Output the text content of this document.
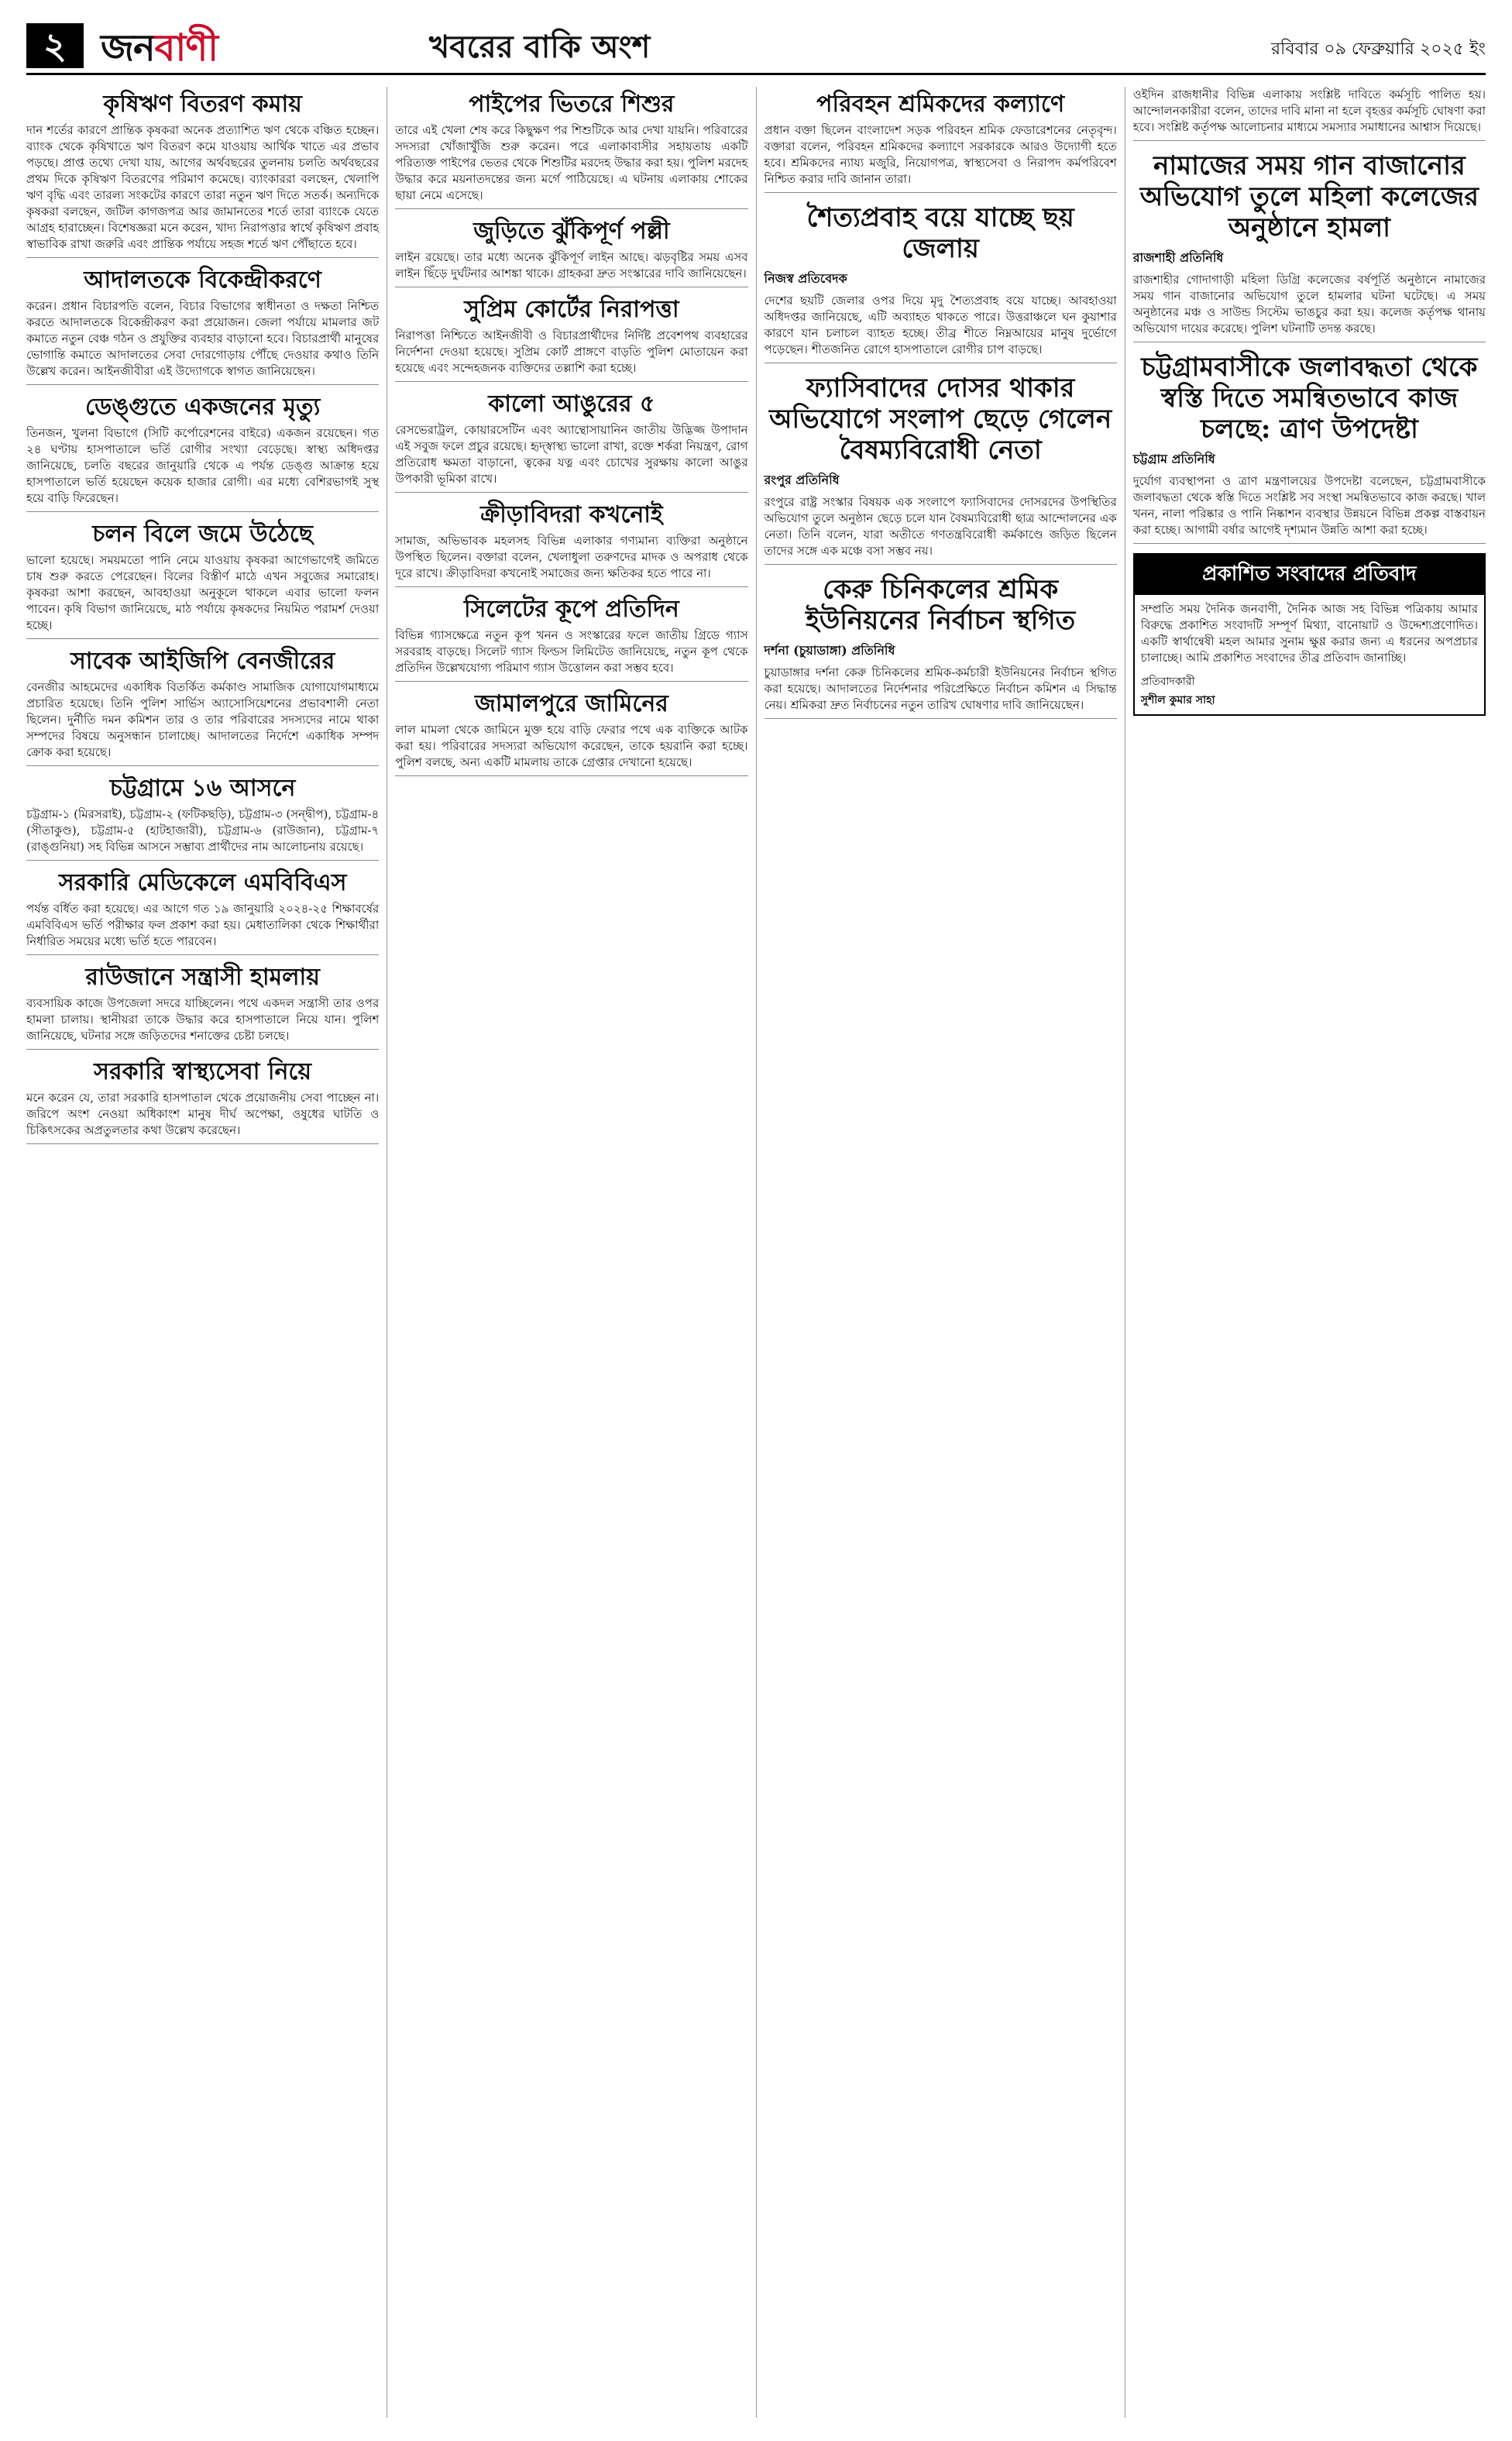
২ জনবাণী	খবরের বাকি অংশ	রবিবার ০৯ ফেব্রুয়ারি ২০২৫ ইং
কৃষিঋণ বিতরণ কমায়
দান শর্তের কারণে প্রান্তিক কৃষকরা অনেক প্রত্যাশিত ঋণ থেকে বঞ্চিত হচ্ছেন। ব্যাংক থেকে কৃষিখাতে ঋণ বিতরণ কমে যাওয়ায় আর্থিক খাতে এর প্রভাব পড়ছে। প্রাপ্ত তথ্যে দেখা যায়, আগের অর্থবছরের তুলনায় চলতি অর্থবছরের প্রথম দিকে কৃষিঋণ বিতরণের পরিমাণ কমেছে। ব্যাংকাররা বলছেন, খেলাপি ঋণ বৃদ্ধি এবং তারল্য সংকটের কারণে তারা নতুন ঋণ দিতে সতর্ক। অন্যদিকে কৃষকরা বলছেন, জটিল কাগজপত্র আর জামানতের শর্তে তারা ব্যাংকে যেতে আগ্রহ হারাচ্ছেন। বিশেষজ্ঞরা মনে করেন, খাদ্য নিরাপত্তার স্বার্থে কৃষিঋণ প্রবাহ স্বাভাবিক রাখা জরুরি এবং প্রান্তিক পর্যায়ে সহজ শর্তে ঋণ পৌঁছাতে হবে।
আদালতকে বিকেন্দ্রীকরণে
করেন। প্রধান বিচারপতি বলেন, বিচার বিভাগের স্বাধীনতা ও দক্ষতা নিশ্চিত করতে আদালতকে বিকেন্দ্রীকরণ করা প্রয়োজন। জেলা পর্যায়ে মামলার জট কমাতে নতুন বেঞ্চ গঠন ও প্রযুক্তির ব্যবহার বাড়ানো হবে। বিচারপ্রার্থী মানুষের ভোগান্তি কমাতে আদালতের সেবা দোরগোড়ায় পৌঁছে দেওয়ার কথাও তিনি উল্লেখ করেন। আইনজীবীরা এই উদ্যোগকে স্বাগত জানিয়েছেন।
ডেঙ্গুতে একজনের মৃত্যু
তিনজন, খুলনা বিভাগে (সিটি কর্পোরেশনের বাইরে) একজন রয়েছেন। গত ২৪ ঘণ্টায় হাসপাতালে ভর্তি রোগীর সংখ্যা বেড়েছে। স্বাস্থ্য অধিদপ্তর জানিয়েছে, চলতি বছরের জানুয়ারি থেকে এ পর্যন্ত ডেঙ্গু আক্রান্ত হয়ে হাসপাতালে ভর্তি হয়েছেন কয়েক হাজার রোগী। এর মধ্যে বেশিরভাগই সুস্থ হয়ে বাড়ি ফিরেছেন।
চলন বিলে জমে উঠেছে
ভালো হয়েছে। সময়মতো পানি নেমে যাওয়ায় কৃষকরা আগেভাগেই জমিতে চাষ শুরু করতে পেরেছেন। বিলের বিস্তীর্ণ মাঠে এখন সবুজের সমারোহ। কৃষকরা আশা করছেন, আবহাওয়া অনুকূলে থাকলে এবার ভালো ফলন পাবেন। কৃষি বিভাগ জানিয়েছে, মাঠ পর্যায়ে কৃষকদের নিয়মিত পরামর্শ দেওয়া হচ্ছে।
সাবেক আইজিপি বেনজীরের
বেনজীর আহমেদের একাধিক বিতর্কিত কর্মকাণ্ড সামাজিক যোগাযোগমাধ্যমে প্রচারিত হয়েছে। তিনি পুলিশ সার্ভিস অ্যাসোসিয়েশনের প্রভাবশালী নেতা ছিলেন। দুর্নীতি দমন কমিশন তার ও তার পরিবারের সদস্যদের নামে থাকা সম্পদের বিষয়ে অনুসন্ধান চালাচ্ছে। আদালতের নির্দেশে একাধিক সম্পদ ক্রোক করা হয়েছে।
চট্টগ্রামে ১৬ আসনে
চট্টগ্রাম-১ (মিরসরাই), চট্টগ্রাম-২ (ফটিকছড়ি), চট্টগ্রাম-৩ (সন্দ্বীপ), চট্টগ্রাম-৪ (সীতাকুণ্ড), চট্টগ্রাম-৫ (হাটহাজারী), চট্টগ্রাম-৬ (রাউজান), চট্টগ্রাম-৭ (রাঙ্গুনিয়া) সহ বিভিন্ন আসনে সম্ভাব্য প্রার্থীদের নাম আলোচনায় রয়েছে।
সরকারি মেডিকেলে এমবিবিএস
পর্যন্ত বর্ধিত করা হয়েছে। এর আগে গত ১৯ জানুয়ারি ২০২৪-২৫ শিক্ষাবর্ষের এমবিবিএস ভর্তি পরীক্ষার ফল প্রকাশ করা হয়। মেধাতালিকা থেকে শিক্ষার্থীরা নির্ধারিত সময়ের মধ্যে ভর্তি হতে পারবেন।
রাউজানে সন্ত্রাসী হামলায়
ব্যবসায়িক কাজে উপজেলা সদরে যাচ্ছিলেন। পথে একদল সন্ত্রাসী তার ওপর হামলা চালায়। স্থানীয়রা তাকে উদ্ধার করে হাসপাতালে নিয়ে যান। পুলিশ জানিয়েছে, ঘটনার সঙ্গে জড়িতদের শনাক্তের চেষ্টা চলছে।
সরকারি স্বাস্থ্যসেবা নিয়ে
মনে করেন যে, তারা সরকারি হাসপাতাল থেকে প্রয়োজনীয় সেবা পাচ্ছেন না। জরিপে অংশ নেওয়া অধিকাংশ মানুষ দীর্ঘ অপেক্ষা, ওষুধের ঘাটতি ও চিকিৎসকের অপ্রতুলতার কথা উল্লেখ করেছেন।
পাইপের ভিতরে শিশুর
তারে এই খেলা শেষ করে কিছুক্ষণ পর শিশুটিকে আর দেখা যায়নি। পরিবারের সদস্যরা খোঁজাখুঁজি শুরু করেন। পরে এলাকাবাসীর সহায়তায় একটি পরিত্যক্ত পাইপের ভেতর থেকে শিশুটির মরদেহ উদ্ধার করা হয়। পুলিশ মরদেহ উদ্ধার করে ময়নাতদন্তের জন্য মর্গে পাঠিয়েছে। এ ঘটনায় এলাকায় শোকের ছায়া নেমে এসেছে।
জুড়িতে ঝুঁকিপূর্ণ পল্লী
লাইন রয়েছে। তার মধ্যে অনেক ঝুঁকিপূর্ণ লাইন আছে। ঝড়বৃষ্টির সময় এসব লাইন ছিঁড়ে দুর্ঘটনার আশঙ্কা থাকে। গ্রাহকরা দ্রুত সংস্কারের দাবি জানিয়েছেন।
সুপ্রিম কোর্টের নিরাপত্তা
নিরাপত্তা নিশ্চিতে আইনজীবী ও বিচারপ্রার্থীদের নির্দিষ্ট প্রবেশপথ ব্যবহারের নির্দেশনা দেওয়া হয়েছে। সুপ্রিম কোর্ট প্রাঙ্গণে বাড়তি পুলিশ মোতায়েন করা হয়েছে এবং সন্দেহজনক ব্যক্তিদের তল্লাশি করা হচ্ছে।
কালো আঙুরের ৫
রেসভেরাট্রল, কোয়ারসেটিন এবং অ্যান্থোসায়ানিন জাতীয় উদ্ভিজ্জ উপাদান এই সবুজ ফলে প্রচুর রয়েছে। হৃদ্‌স্বাস্থ্য ভালো রাখা, রক্তে শর্করা নিয়ন্ত্রণ, রোগ প্রতিরোধ ক্ষমতা বাড়ানো, ত্বকের যত্ন এবং চোখের সুরক্ষায় কালো আঙুর উপকারী ভূমিকা রাখে।
ক্রীড়াবিদরা কখনোই
সামাজ, অভিভাবক মহলসহ বিভিন্ন এলাকার গণ্যমান্য ব্যক্তিরা অনুষ্ঠানে উপস্থিত ছিলেন। বক্তারা বলেন, খেলাধুলা তরুণদের মাদক ও অপরাধ থেকে দূরে রাখে। ক্রীড়াবিদরা কখনোই সমাজের জন্য ক্ষতিকর হতে পারে না।
সিলেটের কূপে প্রতিদিন
বিভিন্ন গ্যাসক্ষেত্রে নতুন কূপ খনন ও সংস্কারের ফলে জাতীয় গ্রিডে গ্যাস সরবরাহ বাড়ছে। সিলেট গ্যাস ফিল্ডস লিমিটেড জানিয়েছে, নতুন কূপ থেকে প্রতিদিন উল্লেখযোগ্য পরিমাণ গ্যাস উত্তোলন করা সম্ভব হবে।
জামালপুরে জামিনের
লাল মামলা থেকে জামিনে মুক্ত হয়ে বাড়ি ফেরার পথে এক ব্যক্তিকে আটক করা হয়। পরিবারের সদস্যরা অভিযোগ করেছেন, তাকে হয়রানি করা হচ্ছে। পুলিশ বলছে, অন্য একটি মামলায় তাকে গ্রেপ্তার দেখানো হয়েছে।
পরিবহন শ্রমিকদের কল্যাণে
প্রধান বক্তা ছিলেন বাংলাদেশ সড়ক পরিবহন শ্রমিক ফেডারেশনের নেতৃবৃন্দ। বক্তারা বলেন, পরিবহন শ্রমিকদের কল্যাণে সরকারকে আরও উদ্যোগী হতে হবে। শ্রমিকদের ন্যায্য মজুরি, নিয়োগপত্র, স্বাস্থ্যসেবা ও নিরাপদ কর্মপরিবেশ নিশ্চিত করার দাবি জানান তারা।
শৈত্যপ্রবাহ বয়ে যাচ্ছে ছয় জেলায়
নিজস্ব প্রতিবেদক
দেশের ছয়টি জেলার ওপর দিয়ে মৃদু শৈত্যপ্রবাহ বয়ে যাচ্ছে। আবহাওয়া অধিদপ্তর জানিয়েছে, এটি অব্যাহত থাকতে পারে। উত্তরাঞ্চলে ঘন কুয়াশার কারণে যান চলাচল ব্যাহত হচ্ছে। তীব্র শীতে নিম্নআয়ের মানুষ দুর্ভোগে পড়েছেন। শীতজনিত রোগে হাসপাতালে রোগীর চাপ বাড়ছে।
ফ্যাসিবাদের দোসর থাকার অভিযোগে সংলাপ ছেড়ে গেলেন বৈষম্যবিরোধী নেতা
রংপুর প্রতিনিধি
রংপুরে রাষ্ট্র সংস্কার বিষয়ক এক সংলাপে ফ্যাসিবাদের দোসরদের উপস্থিতির অভিযোগ তুলে অনুষ্ঠান ছেড়ে চলে যান বৈষম্যবিরোধী ছাত্র আন্দোলনের এক নেতা। তিনি বলেন, যারা অতীতে গণতন্ত্রবিরোধী কর্মকাণ্ডে জড়িত ছিলেন তাদের সঙ্গে এক মঞ্চে বসা সম্ভব নয়।
কেরু চিনিকলের শ্রমিক ইউনিয়নের নির্বাচন স্থগিত
দর্শনা (চুয়াডাঙ্গা) প্রতিনিধি
চুয়াডাঙ্গার দর্শনা কেরু চিনিকলের শ্রমিক-কর্মচারী ইউনিয়নের নির্বাচন স্থগিত করা হয়েছে। আদালতের নির্দেশনার পরিপ্রেক্ষিতে নির্বাচন কমিশন এ সিদ্ধান্ত নেয়। শ্রমিকরা দ্রুত নির্বাচনের নতুন তারিখ ঘোষণার দাবি জানিয়েছেন।
ওইদিন রাজধানীর বিভিন্ন এলাকায় সংশ্লিষ্ট দাবিতে কর্মসূচি পালিত হয়। আন্দোলনকারীরা বলেন, তাদের দাবি মানা না হলে বৃহত্তর কর্মসূচি ঘোষণা করা হবে। সংশ্লিষ্ট কর্তৃপক্ষ আলোচনার মাধ্যমে সমস্যার সমাধানের আশ্বাস দিয়েছে।
নামাজের সময় গান বাজানোর অভিযোগ তুলে মহিলা কলেজের অনুষ্ঠানে হামলা
রাজশাহী প্রতিনিধি
রাজশাহীর গোদাগাড়ী মহিলা ডিগ্রি কলেজের বর্ষপূর্তি অনুষ্ঠানে নামাজের সময় গান বাজানোর অভিযোগ তুলে হামলার ঘটনা ঘটেছে। এ সময় অনুষ্ঠানের মঞ্চ ও সাউন্ড সিস্টেম ভাঙচুর করা হয়। কলেজ কর্তৃপক্ষ থানায় অভিযোগ দায়ের করেছে। পুলিশ ঘটনাটি তদন্ত করছে।
চট্টগ্রামবাসীকে জলাবদ্ধতা থেকে স্বস্তি দিতে সমন্বিতভাবে কাজ চলছে: ত্রাণ উপদেষ্টা
চট্টগ্রাম প্রতিনিধি
দুর্যোগ ব্যবস্থাপনা ও ত্রাণ মন্ত্রণালয়ের উপদেষ্টা বলেছেন, চট্টগ্রামবাসীকে জলাবদ্ধতা থেকে স্বস্তি দিতে সংশ্লিষ্ট সব সংস্থা সমন্বিতভাবে কাজ করছে। খাল খনন, নালা পরিষ্কার ও পানি নিষ্কাশন ব্যবস্থার উন্নয়নে বিভিন্ন প্রকল্প বাস্তবায়ন করা হচ্ছে। আগামী বর্ষার আগেই দৃশ্যমান উন্নতি আশা করা হচ্ছে।
প্রকাশিত সংবাদের প্রতিবাদ
সম্প্রতি সময় দৈনিক জনবাণী, দৈনিক আজ সহ বিভিন্ন পত্রিকায় আমার বিরুদ্ধে প্রকাশিত সংবাদটি সম্পূর্ণ মিথ্যা, বানোয়াট ও উদ্দেশ্যপ্রণোদিত। একটি স্বার্থান্বেষী মহল আমার সুনাম ক্ষুণ্ণ করার জন্য এ ধরনের অপপ্রচার চালাচ্ছে। আমি প্রকাশিত সংবাদের তীব্র প্রতিবাদ জানাচ্ছি।
প্রতিবাদকারী
সুশীল কুমার সাহা
